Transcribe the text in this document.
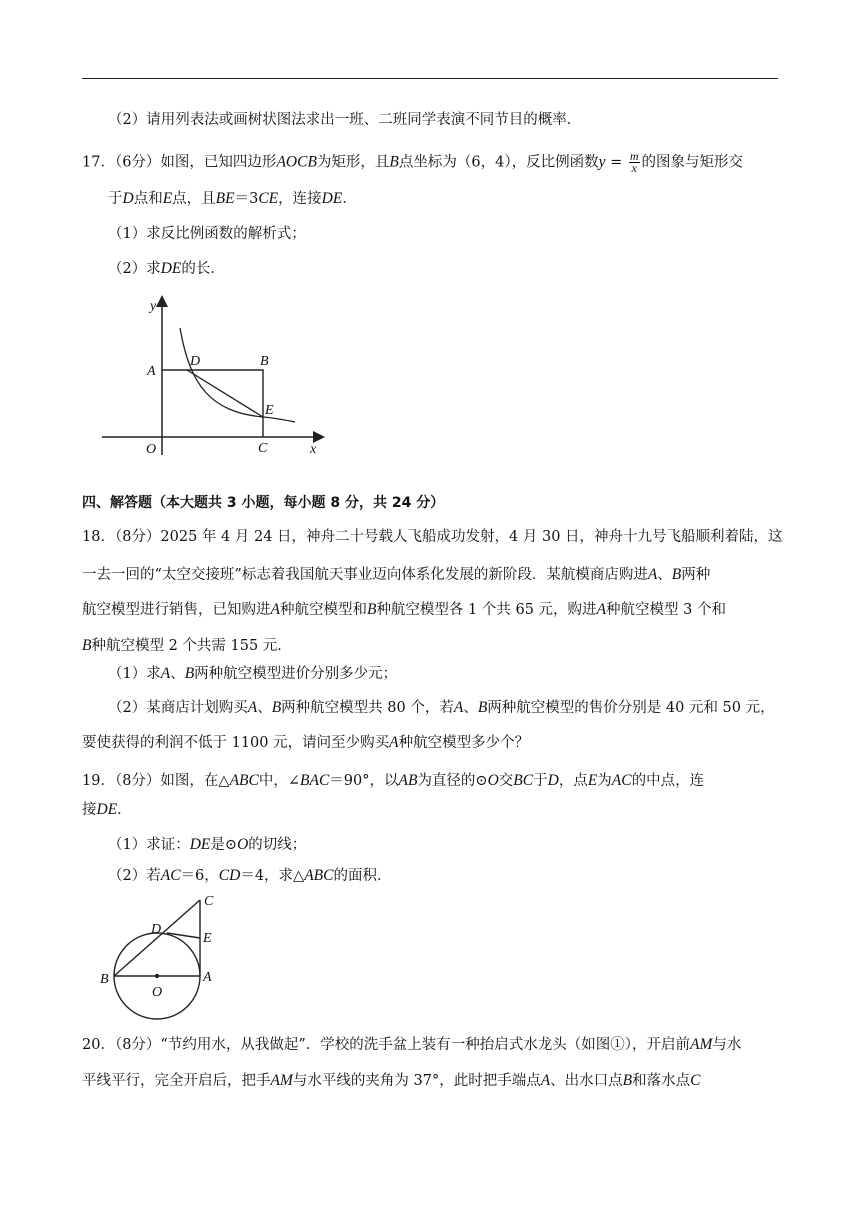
（2）请用列表法或画树状图法求出一班、二班同学表演不同节目的概率．
17．（6分）如图，已知四边形AOCB为矩形，且B点坐标为（6，4），反比例函数$y = \frac{m}{x}$ 的图象与矩形交
于D点和E点，且BE＝3CE，连接DE．
（1）求反比例函数的解析式；
（2）求DE的长．
y
x
A
B
C
D
E
O
四、解答题（本大题共 3 小题，每小题 8 分，共 24 分）
18．（8分）2025 年 4 月 24 日，神舟二十号载人飞船成功发射，4 月 30 日，神舟十九号飞船顺利着陆，这
一去一回的“太空交接班”标志着我国航天事业迈向体系化发展的新阶段．某航模商店购进A、B两种
航空模型进行销售，已知购进A种航空模型和B种航空模型各 1 个共 65 元，购进A种航空模型 3 个和
B种航空模型 2 个共需 155 元．
（1）求A、B两种航空模型进价分别多少元；
（2）某商店计划购买A、B两种航空模型共 80 个，若A、B两种航空模型的售价分别是 40 元和 50 元，
要使获得的利润不低于 1100 元，请问至少购买A种航空模型多少个？
19．（8分）如图，在△ABC中，∠BAC＝90°，以AB为直径的⊙O交BC于D，点E为AC的中点，连
接DE．
（1）求证：DE是⊙O的切线；
（2）若AC＝6，CD＝4，求△ABC的面积．
C
D
E
B	A
O
20．（8分）“节约用水，从我做起”．学校的洗手盆上装有一种抬启式水龙头（如图①），开启前AM与水
平线平行，完全开启后，把手AM与水平线的夹角为 37°，此时把手端点A、出水口点B和落水点C
